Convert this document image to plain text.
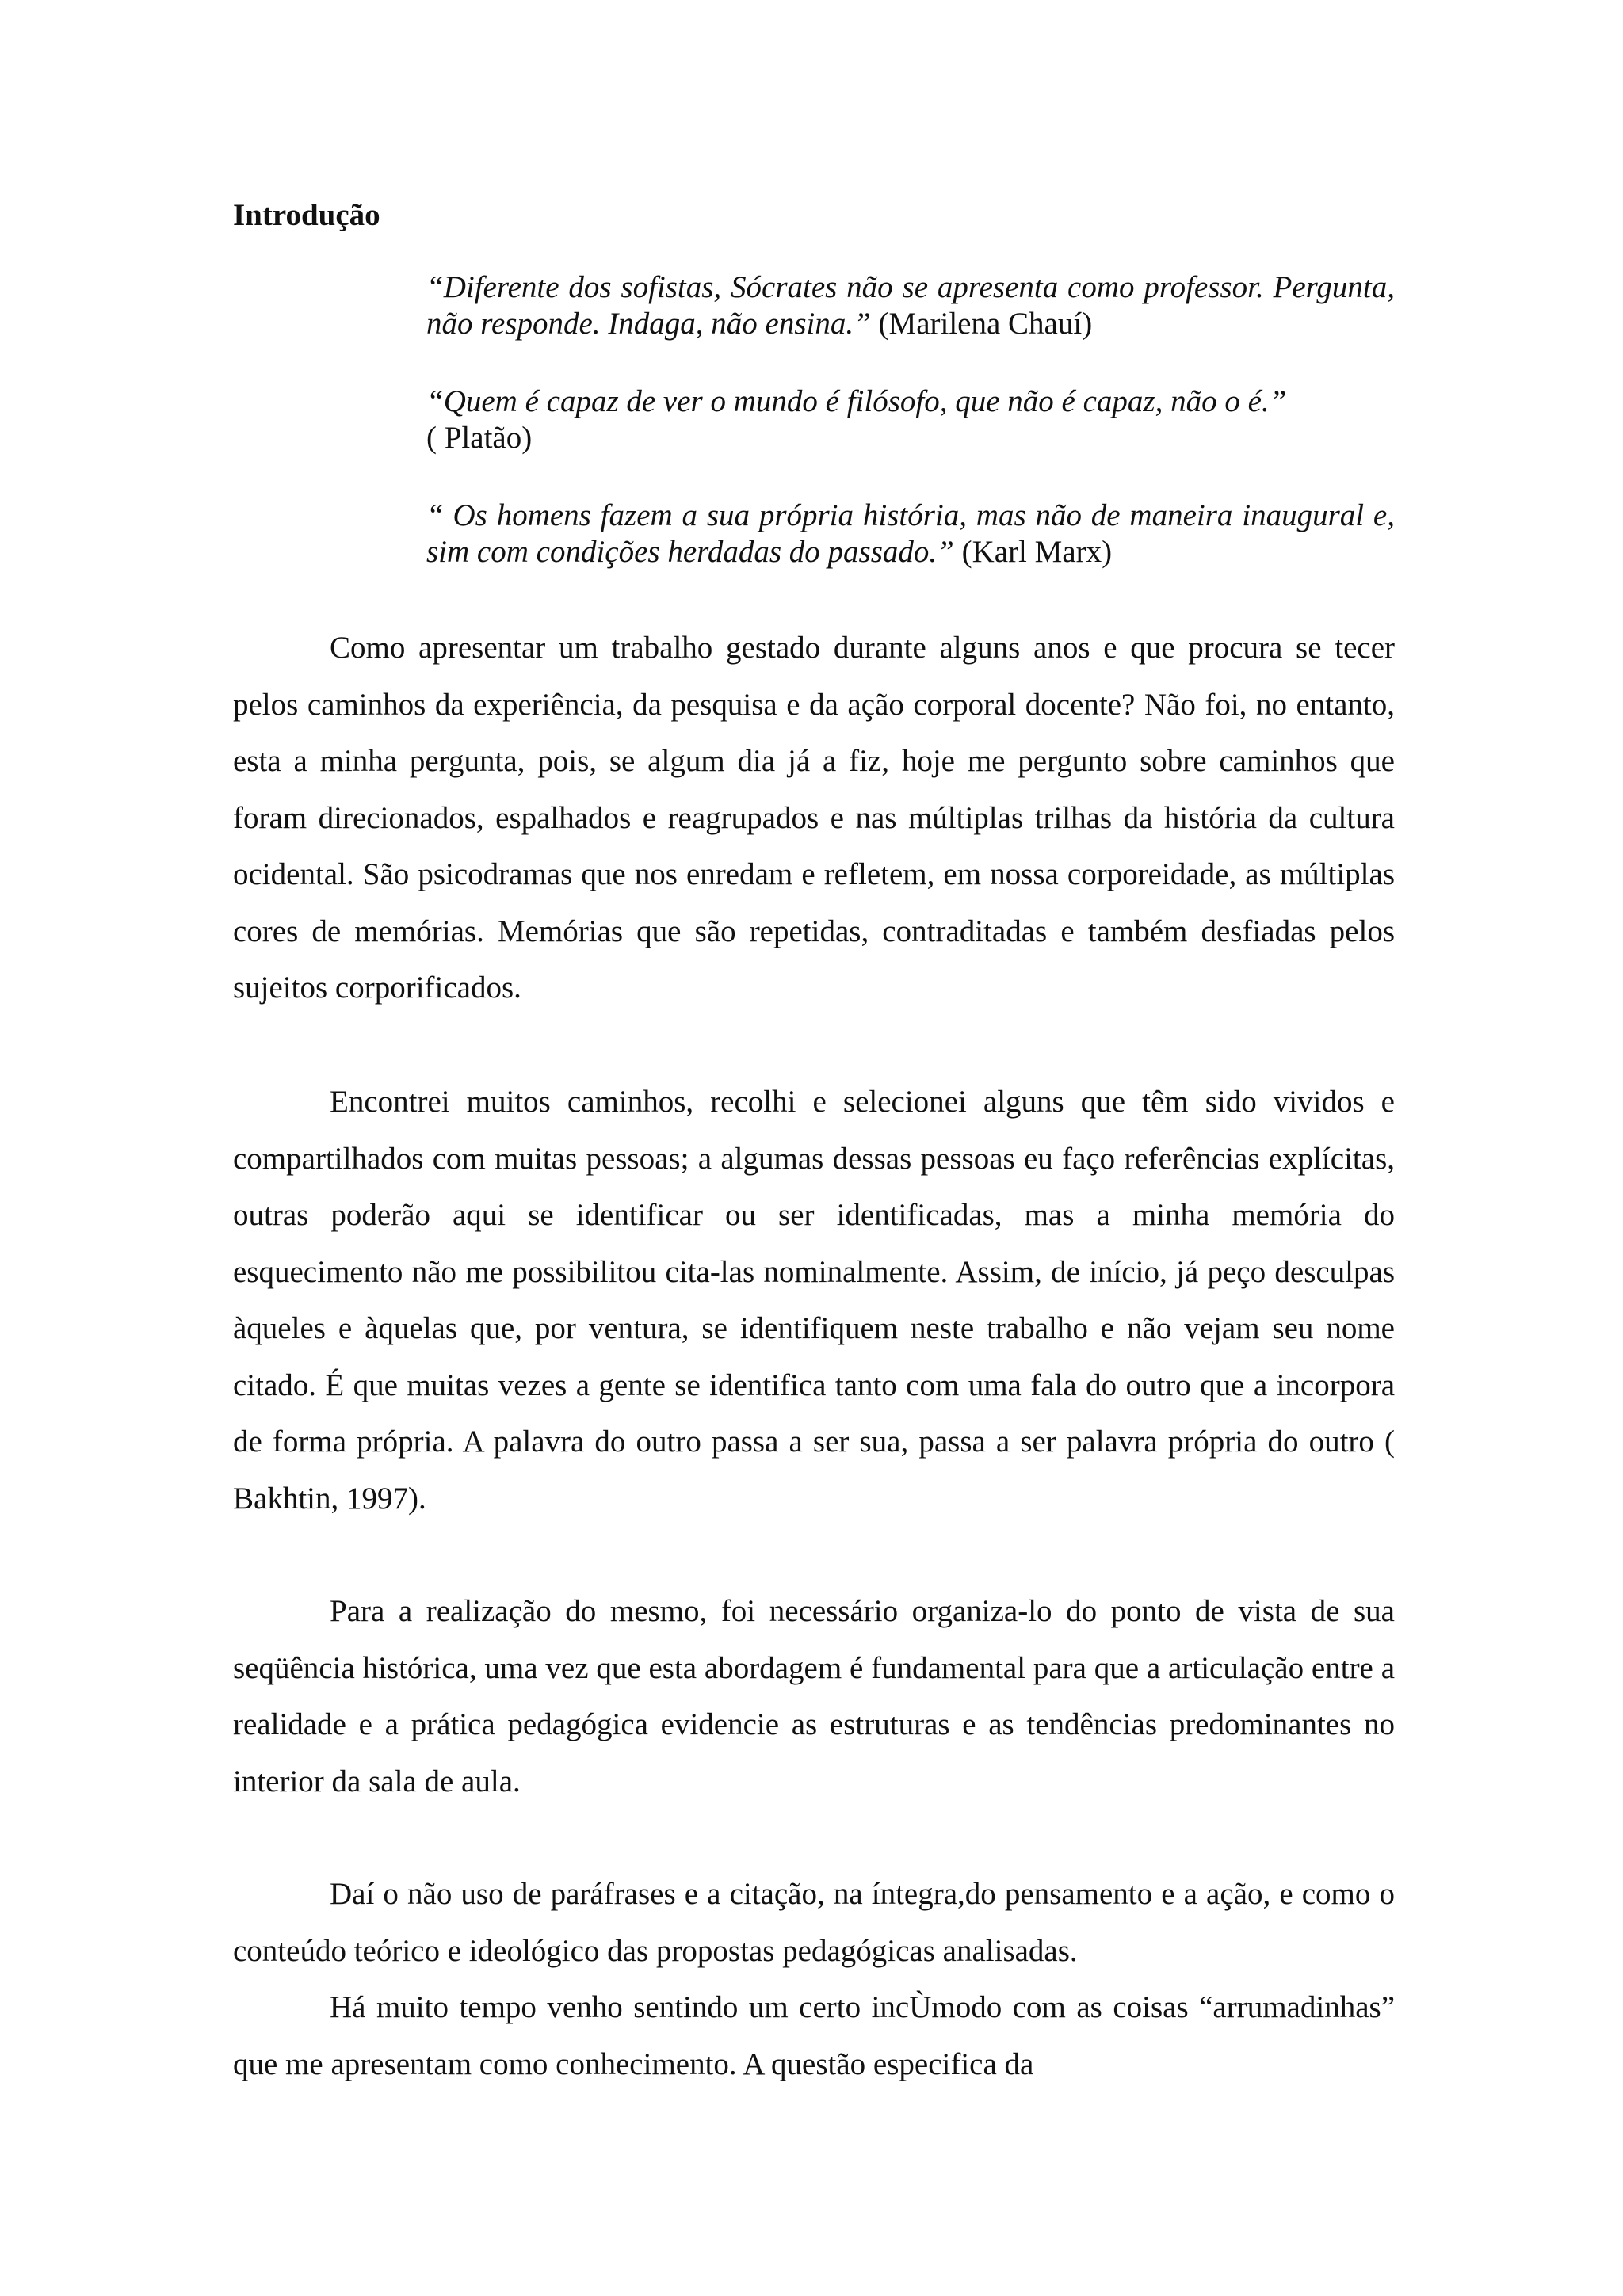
Introdução

“Diferente dos sofistas, Sócrates não se apresenta como professor. Pergunta, não responde. Indaga, não ensina.” (Marilena Chauí)

“Quem é capaz de ver o mundo é filósofo, que não é capaz, não o é.”
( Platão)

“ Os homens fazem a sua própria história, mas não de maneira inaugural e, sim com condições herdadas do passado.” (Karl Marx)

Como apresentar um trabalho gestado durante alguns anos e que procura se tecer pelos caminhos da experiência, da pesquisa e da ação corporal docente? Não foi, no entanto, esta a minha pergunta, pois, se algum dia já a fiz, hoje me pergunto sobre caminhos que foram direcionados, espalhados e reagrupados e nas múltiplas trilhas da história da cultura ocidental. São psicodramas que nos enredam e refletem, em nossa corporeidade, as múltiplas cores de memórias. Memórias que são repetidas, contraditadas e também desfiadas pelos sujeitos corporificados.

Encontrei muitos caminhos, recolhi e selecionei alguns que têm sido vividos e compartilhados com muitas pessoas; a algumas dessas pessoas eu faço referências explícitas, outras poderão aqui se identificar ou ser identificadas, mas a minha memória do esquecimento não me possibilitou cita-las nominalmente. Assim, de início, já peço desculpas àqueles e àquelas que, por ventura, se identifiquem neste trabalho e não vejam seu nome citado. É que muitas vezes a gente se identifica tanto com uma fala do outro que a incorpora de forma própria. A palavra do outro passa a ser sua, passa a ser palavra própria do outro ( Bakhtin, 1997).

Para a realização do mesmo, foi necessário organiza-lo do ponto de vista de sua seqüência histórica, uma vez que esta abordagem é fundamental para que a articulação entre a realidade e a prática pedagógica evidencie as estruturas e as tendências predominantes no interior da sala de aula.

Daí o não uso de paráfrases e a citação, na íntegra,do pensamento e a ação, e como o conteúdo teórico e ideológico das propostas pedagógicas analisadas.

Há muito tempo venho sentindo um certo incÙmodo com as coisas “arrumadinhas” que me apresentam como conhecimento. A questão especifica da
